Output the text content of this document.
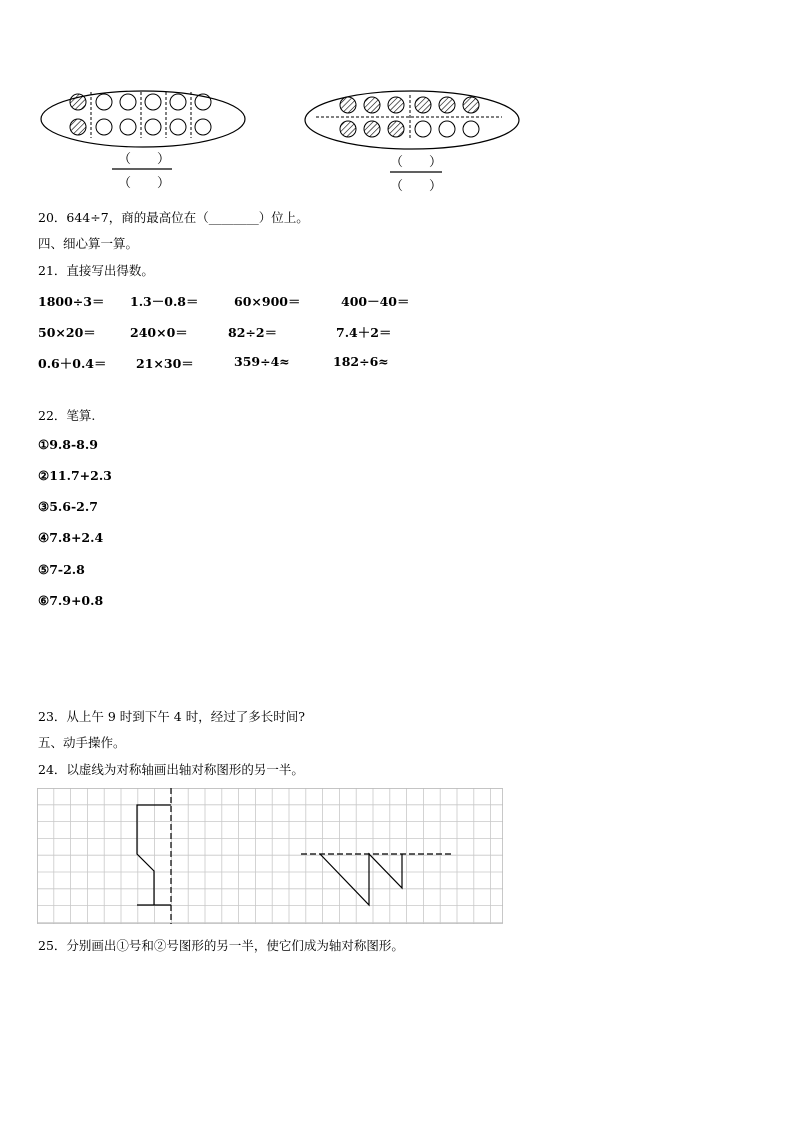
（　　）
（　　）
（　　）
（　　）
20．644÷7，商的最高位在（________）位上。
四、细心算一算。
21．直接写出得数。
1800÷3＝ 1.3－0.8＝	60×900＝	400－40＝
50×20＝	240×0＝	82÷2＝	7.4＋2＝
0.6＋0.4＝ 21×30＝	359÷4≈	182÷6≈
22．笔算.
①9.8-8.9
②11.7+2.3
③5.6-2.7
④7.8+2.4
⑤7-2.8
⑥7.9+0.8
23．从上午 9 时到下午 4 时，经过了多长时间?
五、动手操作。
24．以虚线为对称轴画出轴对称图形的另一半。
25．分别画出①号和②号图形的另一半，使它们成为轴对称图形。
